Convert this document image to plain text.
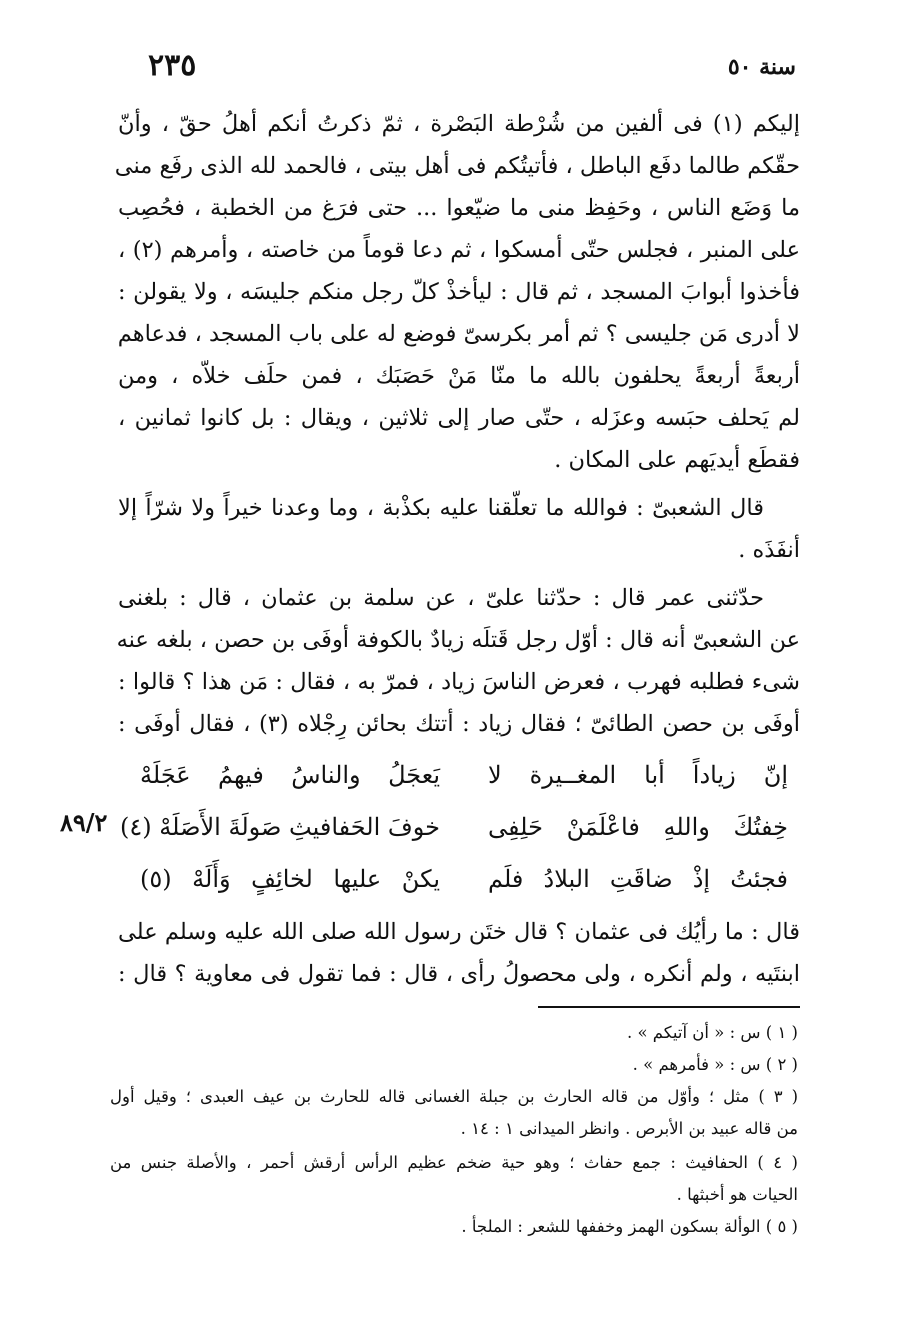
٢٣٥	سنة ٥٠
٨٩/٢
إليكم (١) فى ألفين من شُرْطة البَصْرة ، ثمّ ذكرتُ أنكم أهلُ حقّ ، وأنّ
حقّكم طالما دفَع الباطل ، فأتيتُكم فى أهل بيتى ، فالحمد لله الذى رفَع منى
ما وَضَع الناس ، وحَفِظ منى ما ضيّعوا ... حتى فرَغ من الخطبة ، فحُصِب
على المنبر ، فجلس حتّى أمسكوا ، ثم دعا قوماً من خاصته ، وأمرهم (٢) ،
فأخذوا أبوابَ المسجد ، ثم قال : ليأخذْ كلّ رجل منكم جليسَه ، ولا يقولن :
لا أدرى مَن جليسى ؟ ثم أمر بكرسىّ فوضع له على باب المسجد ، فدعاهم
أربعةً أربعةً يحلفون بالله ما منّا مَنْ حَصَبَك ، فمن حلَف خلاّه ، ومن
لم يَحلف حبَسه وعزَله ، حتّى صار إلى ثلاثين ، ويقال : بل كانوا ثمانين ،
فقطَع أيديَهم على المكان .
قال الشعبىّ : فوالله ما تعلّقنا عليه بكذْبة ، وما وعدنا خيراً ولا شرّاً إلا
أنفَذَه .
حدّثنى عمر قال : حدّثنا علىّ ، عن سلمة بن عثمان ، قال : بلغنى
عن الشعبىّ أنه قال : أوّل رجل قَتلَه زيادٌ بالكوفة أوفَى بن حصن ، بلغه عنه
شىء فطلبه فهرب ، فعرض الناسَ زياد ، فمرّ به ، فقال : مَن هذا ؟ قالوا :
أوفَى بن حصن الطائىّ ؛ فقال زياد : أتتك بحائن رِجْلاه (٣) ، فقال أوفَى :
إنّ زياداً أبا المغــيرة لا
يَعجَلُ والناسُ فيهمُ عَجَلَهْ
خِفتُكَ واللهِ فاعْلَمَنْ حَلِفِى
خوفَ الحَفافيثِ صَولَةَ الأَصَلَهْ (٤)
فجئتُ إذْ ضاقَتِ البلادُ فلَم
يكنْ عليها لخائِفٍ وَأَلَهْ (٥)
قال : ما رأيُك فى عثمان ؟ قال ختَن رسول الله صلى الله عليه وسلم على
ابنتَيه ، ولم أنكره ، ولى محصولُ رأى ، قال : فما تقول فى معاوية ؟ قال :
( ١ ) س : « أن آتيكم » .
( ٢ ) س : « فأمرهم » .
( ٣ ) مثل ؛ وأوّل من قاله الحارث بن جبلة الغسانى قاله للحارث بن عيف العبدى ؛ وقيل أول
من قاله عبيد بن الأبرص . وانظر الميدانى ١ : ١٤ .
( ٤ ) الحفافيث : جمع حفاث ؛ وهو حية ضخم عظيم الرأس أرقش أحمر ، والأصلة جنس من
الحيات هو أخبثها .
( ٥ ) الوألة بسكون الهمز وخففها للشعر : الملجأ .
